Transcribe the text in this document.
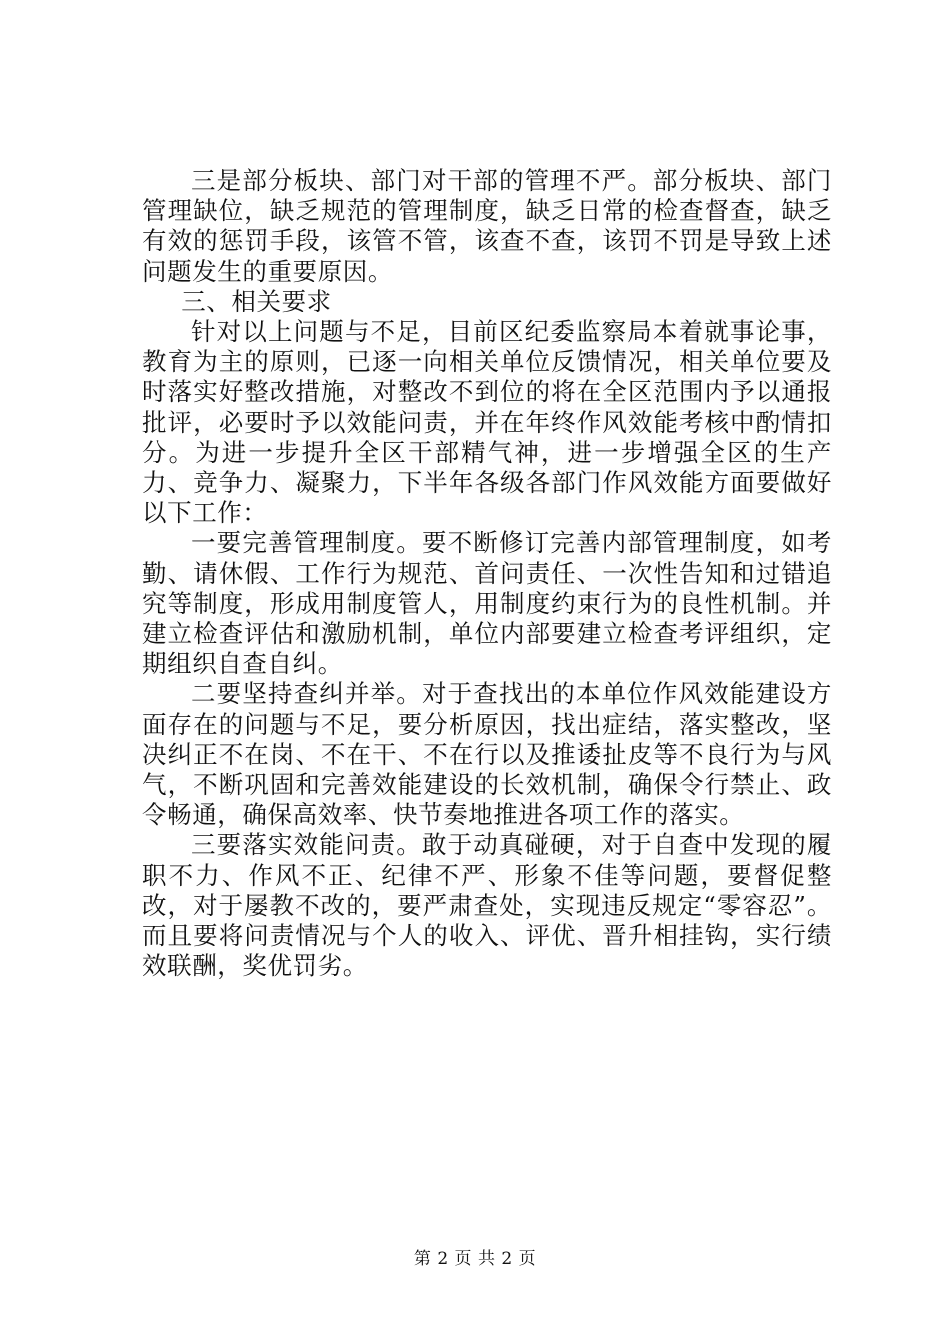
三是部分板块、部门对干部的管理不严。部分板块、部门管理缺位，缺乏规范的管理制度，缺乏日常的检查督查，缺乏有效的惩罚手段，该管不管，该查不查，该罚不罚是导致上述问题发生的重要原因。

三、相关要求

针对以上问题与不足，目前区纪委监察局本着就事论事，教育为主的原则，已逐一向相关单位反馈情况，相关单位要及时落实好整改措施，对整改不到位的将在全区范围内予以通报批评，必要时予以效能问责，并在年终作风效能考核中酌情扣分。为进一步提升全区干部精气神，进一步增强全区的生产力、竞争力、凝聚力，下半年各级各部门作风效能方面要做好以下工作：

一要完善管理制度。要不断修订完善内部管理制度，如考勤、请休假、工作行为规范、首问责任、一次性告知和过错追究等制度，形成用制度管人，用制度约束行为的良性机制。并建立检查评估和激励机制，单位内部要建立检查考评组织，定期组织自查自纠。

二要坚持查纠并举。对于查找出的本单位作风效能建设方面存在的问题与不足，要分析原因，找出症结，落实整改，坚决纠正不在岗、不在干、不在行以及推诿扯皮等不良行为与风气，不断巩固和完善效能建设的长效机制，确保令行禁止、政令畅通，确保高效率、快节奏地推进各项工作的落实。

三要落实效能问责。敢于动真碰硬，对于自查中发现的履职不力、作风不正、纪律不严、形象不佳等问题，要督促整改，对于屡教不改的，要严肃查处，实现违反规定“零容忍”。而且要将问责情况与个人的收入、评优、晋升相挂钩，实行绩效联酬，奖优罚劣。

第 2 页 共 2 页
